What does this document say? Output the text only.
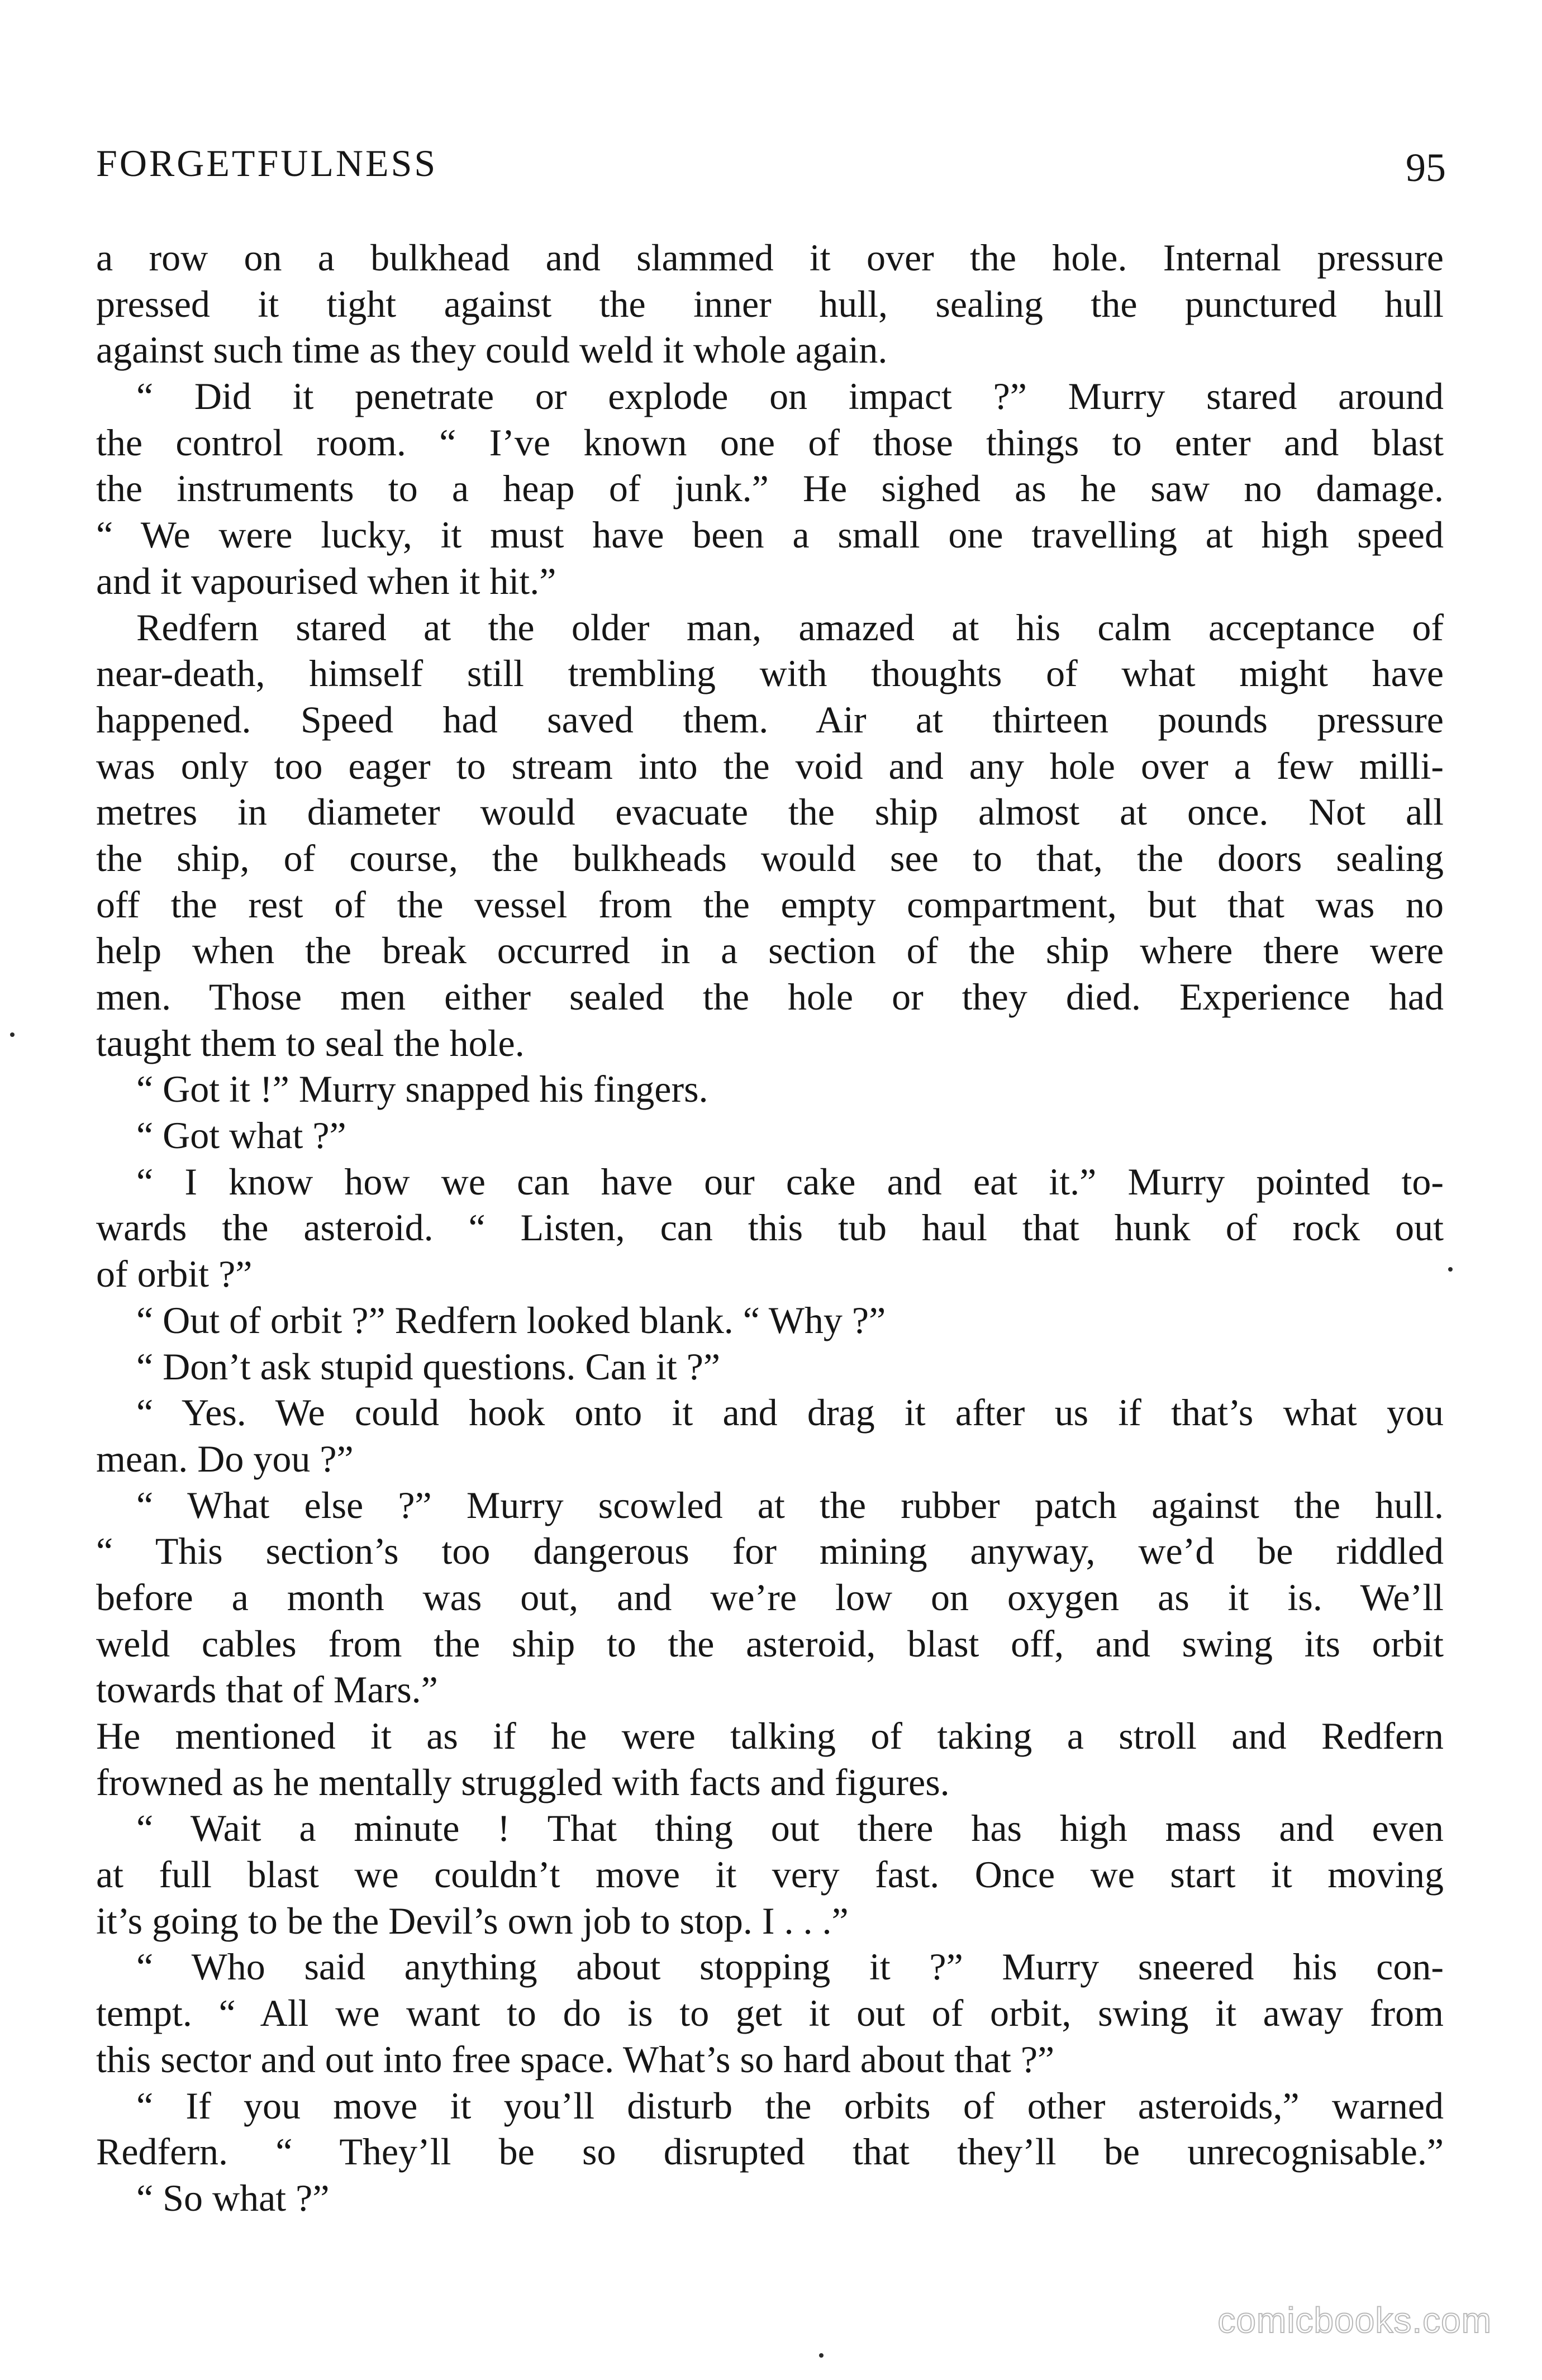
FORGETFULNESS	95
a row on a bulkhead and slammed it over the hole. Internal pressure
pressed it tight against the inner hull, sealing the punctured hull
against such time as they could weld it whole again.
“ Did it penetrate or explode on impact ?” Murry stared around
the control room. “ I’ve known one of those things to enter and blast
the instruments to a heap of junk.” He sighed as he saw no damage.
“ We were lucky, it must have been a small one travelling at high speed
and it vapourised when it hit.”
Redfern stared at the older man, amazed at his calm acceptance of
near-death, himself still trembling with thoughts of what might have
happened. Speed had saved them. Air at thirteen pounds pressure
was only too eager to stream into the void and any hole over a few milli-
metres in diameter would evacuate the ship almost at once. Not all
the ship, of course, the bulkheads would see to that, the doors sealing
off the rest of the vessel from the empty compartment, but that was no
help when the break occurred in a section of the ship where there were
men. Those men either sealed the hole or they died. Experience had
taught them to seal the hole.
“ Got it !” Murry snapped his fingers.
“ Got what ?”
“ I know how we can have our cake and eat it.” Murry pointed to-
wards the asteroid. “ Listen, can this tub haul that hunk of rock out
of orbit ?”
“ Out of orbit ?” Redfern looked blank. “ Why ?”
“ Don’t ask stupid questions. Can it ?”
“ Yes. We could hook onto it and drag it after us if that’s what you
mean. Do you ?”
“ What else ?” Murry scowled at the rubber patch against the hull.
“ This section’s too dangerous for mining anyway, we’d be riddled
before a month was out, and we’re low on oxygen as it is. We’ll
weld cables from the ship to the asteroid, blast off, and swing its orbit
towards that of Mars.”
He mentioned it as if he were talking of taking a stroll and Redfern
frowned as he mentally struggled with facts and figures.
“ Wait a minute ! That thing out there has high mass and even
at full blast we couldn’t move it very fast. Once we start it moving
it’s going to be the Devil’s own job to stop. I . . .”
“ Who said anything about stopping it ?” Murry sneered his con-
tempt. “ All we want to do is to get it out of orbit, swing it away from
this sector and out into free space. What’s so hard about that ?”
“ If you move it you’ll disturb the orbits of other asteroids,” warned
Redfern. “ They’ll be so disrupted that they’ll be unrecognisable.”
“ So what ?”
comicbooks.com
